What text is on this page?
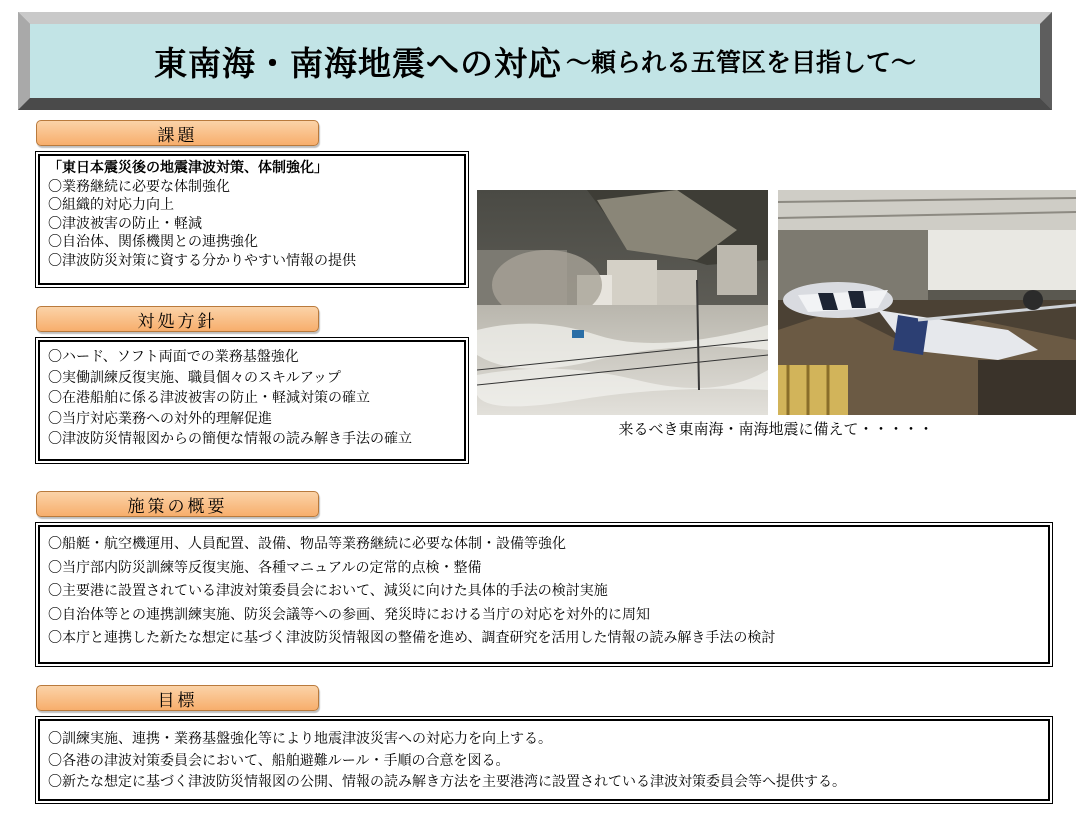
東南海・南海地震への対応 ～頼られる五管区を目指して～
課題
「東日本震災後の地震津波対策、体制強化」
〇業務継続に必要な体制強化
〇組織的対応力向上
〇津波被害の防止・軽減
〇自治体、関係機関との連携強化
〇津波防災対策に資する分かりやすい情報の提供
対処方針
〇ハード、ソフト両面での業務基盤強化
〇実働訓練反復実施、職員個々のスキルアップ
〇在港船舶に係る津波被害の防止・軽減対策の確立
〇当庁対応業務への対外的理解促進
〇津波防災情報図からの簡便な情報の読み解き手法の確立
来るべき東南海・南海地震に備えて・・・・・
施策の概要
〇船艇・航空機運用、人員配置、設備、物品等業務継続に必要な体制・設備等強化
〇当庁部内防災訓練等反復実施、各種マニュアルの定常的点検・整備
〇主要港に設置されている津波対策委員会において、減災に向けた具体的手法の検討実施
〇自治体等との連携訓練実施、防災会議等への参画、発災時における当庁の対応を対外的に周知
〇本庁と連携した新たな想定に基づく津波防災情報図の整備を進め、調査研究を活用した情報の読み解き手法の検討
目標
〇訓練実施、連携・業務基盤強化等により地震津波災害への対応力を向上する。
〇各港の津波対策委員会において、船舶避難ルール・手順の合意を図る。
〇新たな想定に基づく津波防災情報図の公開、情報の読み解き方法を主要港湾に設置されている津波対策委員会等へ提供する。
